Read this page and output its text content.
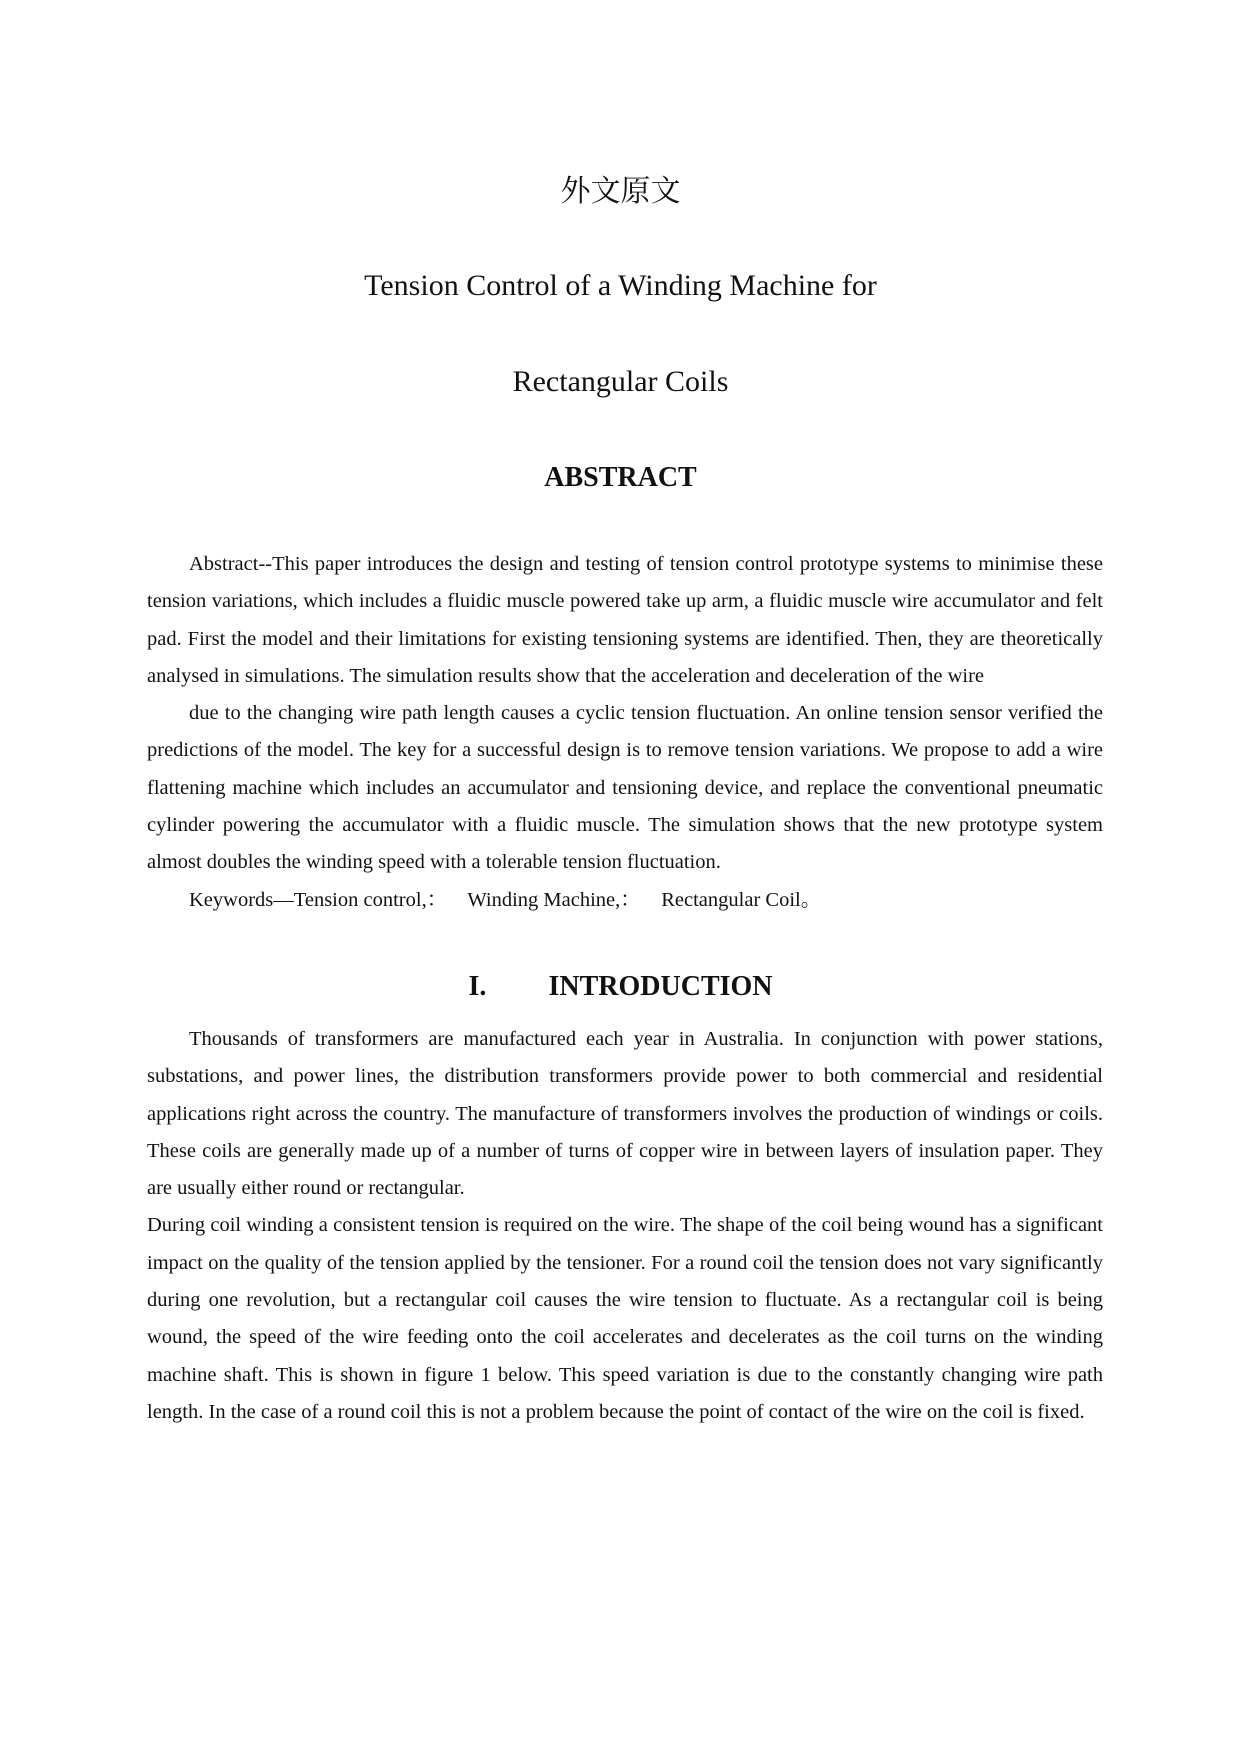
外文原文
Tension Control of a Winding Machine for
Rectangular Coils
ABSTRACT

Abstract--This paper introduces the design and testing of tension control prototype systems to minimise these tension variations, which includes a fluidic muscle powered take up arm, a fluidic muscle wire accumulator and felt pad. First the model and their limitations for existing tensioning systems are identified. Then, they are theoretically analysed in simulations. The simulation results show that the acceleration and deceleration of the wire

due to the changing wire path length causes a cyclic tension fluctuation. An online tension sensor verified the predictions of the model. The key for a successful design is to remove tension variations. We propose to add a wire flattening machine which includes an accumulator and tensioning device, and replace the conventional pneumatic cylinder powering the accumulator with a fluidic muscle. The simulation shows that the new prototype system almost doubles the winding speed with a tolerable tension fluctuation.

Keywords—Tension control,： Winding Machine,： Rectangular Coil。

I. INTRODUCTION

Thousands of transformers are manufactured each year in Australia. In conjunction with power stations, substations, and power lines, the distribution transformers provide power to both commercial and residential applications right across the country. The manufacture of transformers involves the production of windings or coils. These coils are generally made up of a number of turns of copper wire in between layers of insulation paper. They are usually either round or rectangular.

During coil winding a consistent tension is required on the wire. The shape of the coil being wound has a significant impact on the quality of the tension applied by the tensioner. For a round coil the tension does not vary significantly during one revolution, but a rectangular coil causes the wire tension to fluctuate. As a rectangular coil is being wound, the speed of the wire feeding onto the coil accelerates and decelerates as the coil turns on the winding machine shaft. This is shown in figure 1 below. This speed variation is due to the constantly changing wire path length. In the case of a round coil this is not a problem because the point of contact of the wire on the coil is fixed.
